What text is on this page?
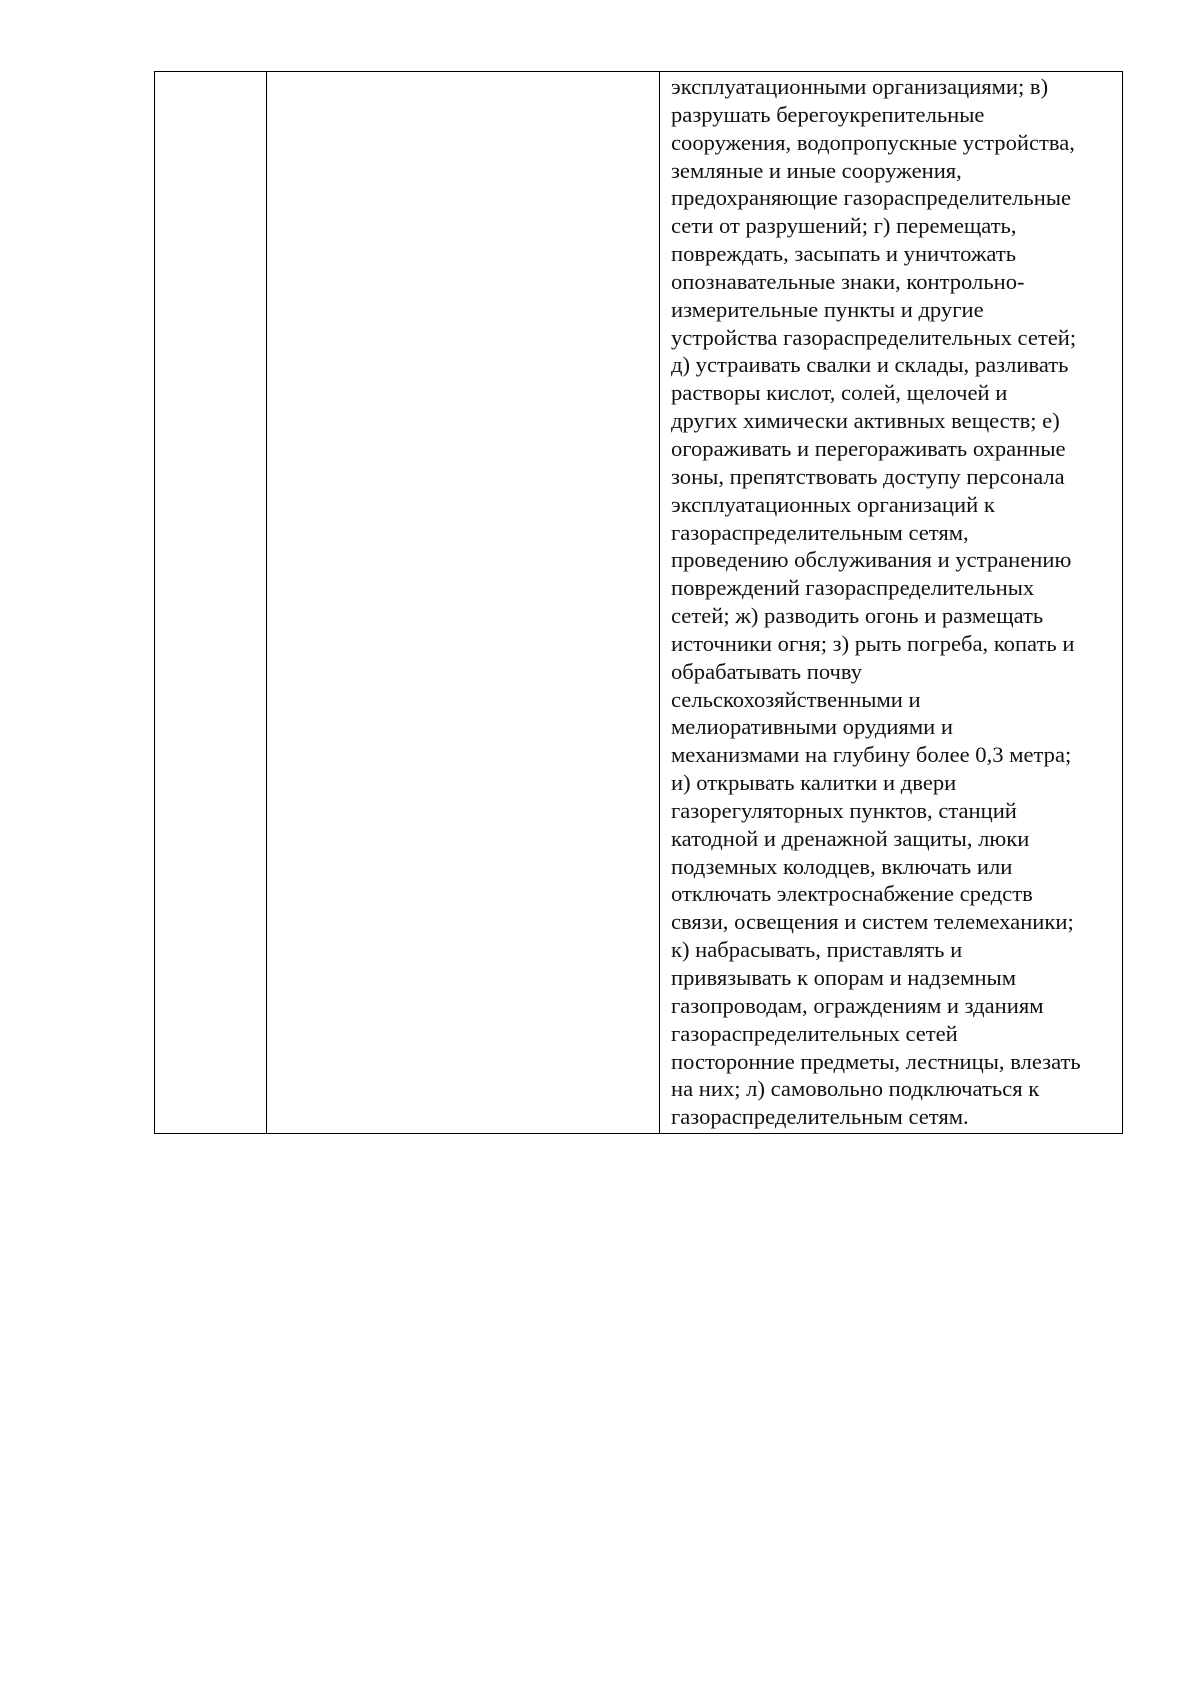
эксплуатационными организациями; в)
разрушать берегоукрепительные
сооружения, водопропускные устройства,
земляные и иные сооружения,
предохраняющие газораспределительные
сети от разрушений; г) перемещать,
повреждать, засыпать и уничтожать
опознавательные знаки, контрольно-
измерительные пункты и другие
устройства газораспределительных сетей;
д) устраивать свалки и склады, разливать
растворы кислот, солей, щелочей и
других химически активных веществ; е)
огораживать и перегораживать охранные
зоны, препятствовать доступу персонала
эксплуатационных организаций к
газораспределительным сетям,
проведению обслуживания и устранению
повреждений газораспределительных
сетей; ж) разводить огонь и размещать
источники огня; з) рыть погреба, копать и
обрабатывать почву
сельскохозяйственными и
мелиоративными орудиями и
механизмами на глубину более 0,3 метра;
и) открывать калитки и двери
газорегуляторных пунктов, станций
катодной и дренажной защиты, люки
подземных колодцев, включать или
отключать электроснабжение средств
связи, освещения и систем телемеханики;
к) набрасывать, приставлять и
привязывать к опорам и надземным
газопроводам, ограждениям и зданиям
газораспределительных сетей
посторонние предметы, лестницы, влезать
на них; л) самовольно подключаться к
газораспределительным сетям.
